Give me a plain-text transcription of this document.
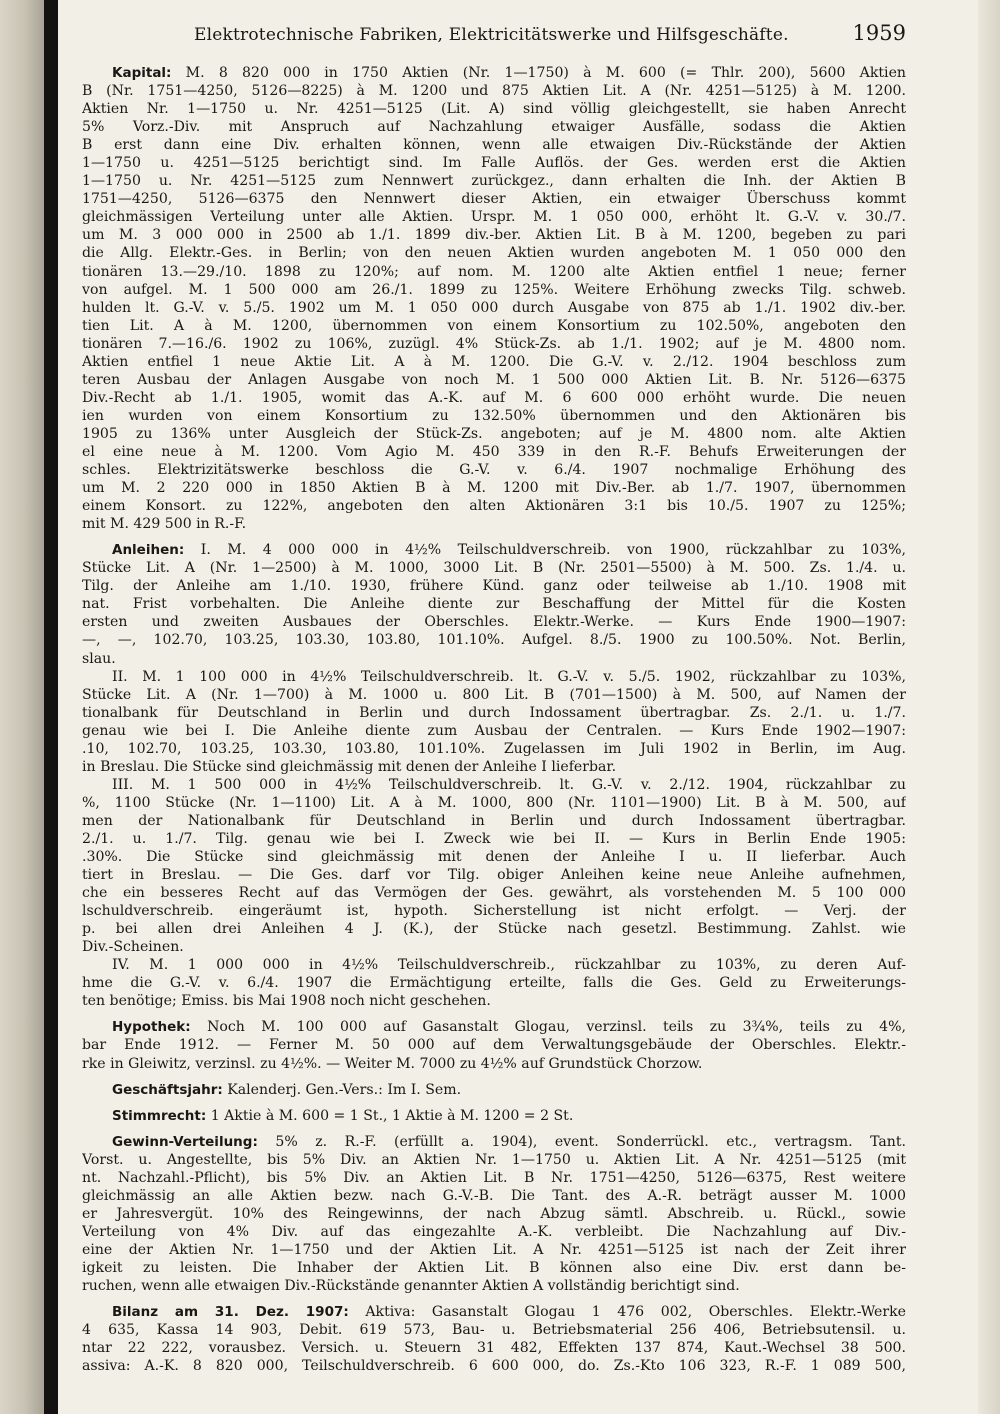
Elektrotechnische Fabriken, Elektricitätswerke und Hilfsgeschäfte.	1959
Kapital: M. 8 820 000 in 1750 Aktien (Nr. 1—1750) à M. 600 (= Thlr. 200), 5600 Aktien
B (Nr. 1751—4250, 5126—8225) à M. 1200 und 875 Aktien Lit. A (Nr. 4251—5125) à M. 1200.
Aktien Nr. 1—1750 u. Nr. 4251—5125 (Lit. A) sind völlig gleichgestellt, sie haben Anrecht
5% Vorz.-Div. mit Anspruch auf Nachzahlung etwaiger Ausfälle, sodass die Aktien
B erst dann eine Div. erhalten können, wenn alle etwaigen Div.-Rückstände der Aktien
1—1750 u. 4251—5125 berichtigt sind. Im Falle Auflös. der Ges. werden erst die Aktien
1—1750 u. Nr. 4251—5125 zum Nennwert zurückgez., dann erhalten die Inh. der Aktien B
1751—4250, 5126—6375 den Nennwert dieser Aktien, ein etwaiger Überschuss kommt
gleichmässigen Verteilung unter alle Aktien. Urspr. M. 1 050 000, erhöht lt. G.-V. v. 30./7.
um M. 3 000 000 in 2500 ab 1./1. 1899 div.-ber. Aktien Lit. B à M. 1200, begeben zu pari
die Allg. Elektr.-Ges. in Berlin; von den neuen Aktien wurden angeboten M. 1 050 000 den
tionären 13.—29./10. 1898 zu 120%; auf nom. M. 1200 alte Aktien entfiel 1 neue; ferner
von aufgel. M. 1 500 000 am 26./1. 1899 zu 125%. Weitere Erhöhung zwecks Tilg. schweb.
hulden lt. G.-V. v. 5./5. 1902 um M. 1 050 000 durch Ausgabe von 875 ab 1./1. 1902 div.-ber.
tien Lit. A à M. 1200, übernommen von einem Konsortium zu 102.50%, angeboten den
tionären 7.—16./6. 1902 zu 106%, zuzügl. 4% Stück-Zs. ab 1./1. 1902; auf je M. 4800 nom.
Aktien entfiel 1 neue Aktie Lit. A à M. 1200. Die G.-V. v. 2./12. 1904 beschloss zum
teren Ausbau der Anlagen Ausgabe von noch M. 1 500 000 Aktien Lit. B. Nr. 5126—6375
Div.-Recht ab 1./1. 1905, womit das A.-K. auf M. 6 600 000 erhöht wurde. Die neuen
ien wurden von einem Konsortium zu 132.50% übernommen und den Aktionären bis
1905 zu 136% unter Ausgleich der Stück-Zs. angeboten; auf je M. 4800 nom. alte Aktien
el eine neue à M. 1200. Vom Agio M. 450 339 in den R.-F. Behufs Erweiterungen der
schles. Elektrizitätswerke beschloss die G.-V. v. 6./4. 1907 nochmalige Erhöhung des
um M. 2 220 000 in 1850 Aktien B à M. 1200 mit Div.-Ber. ab 1./7. 1907, übernommen
einem Konsort. zu 122%, angeboten den alten Aktionären 3:1 bis 10./5. 1907 zu 125%;
mit M. 429 500 in R.-F.
Anleihen: I. M. 4 000 000 in 4½% Teilschuldverschreib. von 1900, rückzahlbar zu 103%,
Stücke Lit. A (Nr. 1—2500) à M. 1000, 3000 Lit. B (Nr. 2501—5500) à M. 500. Zs. 1./4. u.
Tilg. der Anleihe am 1./10. 1930, frühere Künd. ganz oder teilweise ab 1./10. 1908 mit
nat. Frist vorbehalten. Die Anleihe diente zur Beschaffung der Mittel für die Kosten
ersten und zweiten Ausbaues der Oberschles. Elektr.-Werke. — Kurs Ende 1900—1907:
—, —, 102.70, 103.25, 103.30, 103.80, 101.10%. Aufgel. 8./5. 1900 zu 100.50%. Not. Berlin,
slau.
II. M. 1 100 000 in 4½% Teilschuldverschreib. lt. G.-V. v. 5./5. 1902, rückzahlbar zu 103%,
Stücke Lit. A (Nr. 1—700) à M. 1000 u. 800 Lit. B (701—1500) à M. 500, auf Namen der
tionalbank für Deutschland in Berlin und durch Indossament übertragbar. Zs. 2./1. u. 1./7.
genau wie bei I. Die Anleihe diente zum Ausbau der Centralen. — Kurs Ende 1902—1907:
.10, 102.70, 103.25, 103.30, 103.80, 101.10%. Zugelassen im Juli 1902 in Berlin, im Aug.
in Breslau. Die Stücke sind gleichmässig mit denen der Anleihe I lieferbar.
III. M. 1 500 000 in 4½% Teilschuldverschreib. lt. G.-V. v. 2./12. 1904, rückzahlbar zu
%, 1100 Stücke (Nr. 1—1100) Lit. A à M. 1000, 800 (Nr. 1101—1900) Lit. B à M. 500, auf
men der Nationalbank für Deutschland in Berlin und durch Indossament übertragbar.
2./1. u. 1./7. Tilg. genau wie bei I. Zweck wie bei II. — Kurs in Berlin Ende 1905:
.30%. Die Stücke sind gleichmässig mit denen der Anleihe I u. II lieferbar. Auch
tiert in Breslau. — Die Ges. darf vor Tilg. obiger Anleihen keine neue Anleihe aufnehmen,
che ein besseres Recht auf das Vermögen der Ges. gewährt, als vorstehenden M. 5 100 000
lschuldverschreib. eingeräumt ist, hypoth. Sicherstellung ist nicht erfolgt. — Verj. der
p. bei allen drei Anleihen 4 J. (K.), der Stücke nach gesetzl. Bestimmung. Zahlst. wie
Div.-Scheinen.
IV. M. 1 000 000 in 4½% Teilschuldverschreib., rückzahlbar zu 103%, zu deren Auf-
hme die G.-V. v. 6./4. 1907 die Ermächtigung erteilte, falls die Ges. Geld zu Erweiterungs-
ten benötige; Emiss. bis Mai 1908 noch nicht geschehen.
Hypothek: Noch M. 100 000 auf Gasanstalt Glogau, verzinsl. teils zu 3¾%, teils zu 4%,
bar Ende 1912. — Ferner M. 50 000 auf dem Verwaltungsgebäude der Oberschles. Elektr.-
rke in Gleiwitz, verzinsl. zu 4½%. — Weiter M. 7000 zu 4½% auf Grundstück Chorzow.
Geschäftsjahr: Kalenderj. Gen.-Vers.: Im I. Sem.
Stimmrecht: 1 Aktie à M. 600 = 1 St., 1 Aktie à M. 1200 = 2 St.
Gewinn-Verteilung: 5% z. R.-F. (erfüllt a. 1904), event. Sonderrückl. etc., vertragsm. Tant.
Vorst. u. Angestellte, bis 5% Div. an Aktien Nr. 1—1750 u. Aktien Lit. A Nr. 4251—5125 (mit
nt. Nachzahl.-Pflicht), bis 5% Div. an Aktien Lit. B Nr. 1751—4250, 5126—6375, Rest weitere
gleichmässig an alle Aktien bezw. nach G.-V.-B. Die Tant. des A.-R. beträgt ausser M. 1000
er Jahresvergüt. 10% des Reingewinns, der nach Abzug sämtl. Abschreib. u. Rückl., sowie
Verteilung von 4% Div. auf das eingezahlte A.-K. verbleibt. Die Nachzahlung auf Div.-
eine der Aktien Nr. 1—1750 und der Aktien Lit. A Nr. 4251—5125 ist nach der Zeit ihrer
igkeit zu leisten. Die Inhaber der Aktien Lit. B können also eine Div. erst dann be-
ruchen, wenn alle etwaigen Div.-Rückstände genannter Aktien A vollständig berichtigt sind.
Bilanz am 31. Dez. 1907: Aktiva: Gasanstalt Glogau 1 476 002, Oberschles. Elektr.-Werke
4 635, Kassa 14 903, Debit. 619 573, Bau- u. Betriebsmaterial 256 406, Betriebsutensil. u.
ntar 22 222, vorausbez. Versich. u. Steuern 31 482, Effekten 137 874, Kaut.-Wechsel 38 500.
assiva: A.-K. 8 820 000, Teilschuldverschreib. 6 600 000, do. Zs.-Kto 106 323, R.-F. 1 089 500,
